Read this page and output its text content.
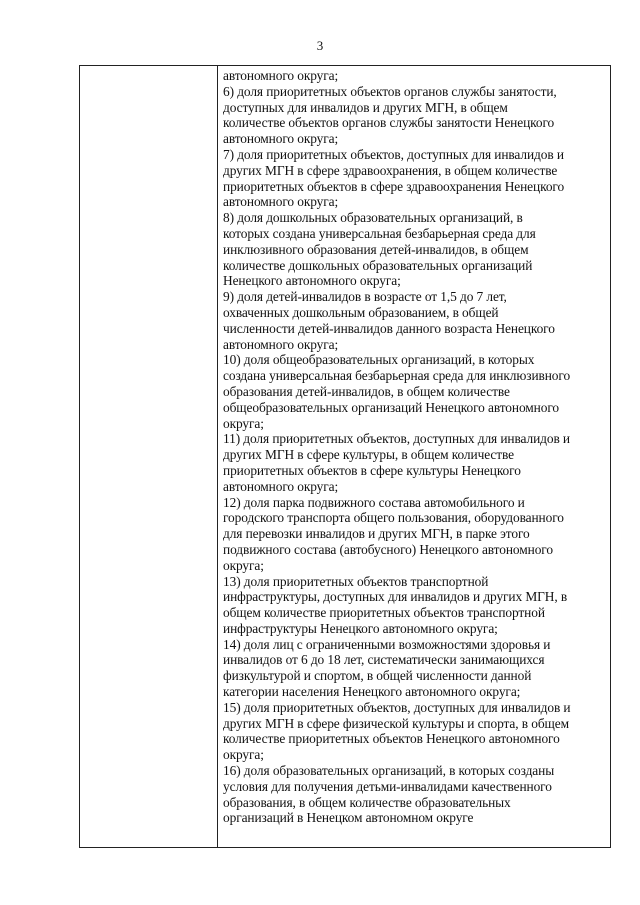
3
автономного округа;
6) доля приоритетных объектов органов службы занятости,
доступных для инвалидов и других МГН, в общем
количестве объектов органов службы занятости Ненецкого
автономного округа;
7) доля приоритетных объектов, доступных для инвалидов и
других МГН в сфере здравоохранения, в общем количестве
приоритетных объектов в сфере здравоохранения Ненецкого
автономного округа;
8) доля дошкольных образовательных организаций, в
которых создана универсальная безбарьерная среда для
инклюзивного образования детей-инвалидов, в общем
количестве дошкольных образовательных организаций
Ненецкого автономного округа;
9) доля детей-инвалидов в возрасте от 1,5 до 7 лет,
охваченных дошкольным образованием, в общей
численности детей-инвалидов данного возраста Ненецкого
автономного округа;
10) доля общеобразовательных организаций, в которых
создана универсальная безбарьерная среда для инклюзивного
образования детей-инвалидов, в общем количестве
общеобразовательных организаций Ненецкого автономного
округа;
11) доля приоритетных объектов, доступных для инвалидов и
других МГН в сфере культуры, в общем количестве
приоритетных объектов в сфере культуры Ненецкого
автономного округа;
12) доля парка подвижного состава автомобильного и
городского транспорта общего пользования, оборудованного
для перевозки инвалидов и других МГН, в парке этого
подвижного состава (автобусного) Ненецкого автономного
округа;
13) доля приоритетных объектов транспортной
инфраструктуры, доступных для инвалидов и других МГН, в
общем количестве приоритетных объектов транспортной
инфраструктуры Ненецкого автономного округа;
14) доля лиц с ограниченными возможностями здоровья и
инвалидов от 6 до 18 лет, систематически занимающихся
физкультурой и спортом, в общей численности данной
категории населения Ненецкого автономного округа;
15) доля приоритетных объектов, доступных для инвалидов и
других МГН в сфере физической культуры и спорта, в общем
количестве приоритетных объектов Ненецкого автономного
округа;
16) доля образовательных организаций, в которых созданы
условия для получения детьми-инвалидами качественного
образования, в общем количестве образовательных
организаций в Ненецком автономном округе
